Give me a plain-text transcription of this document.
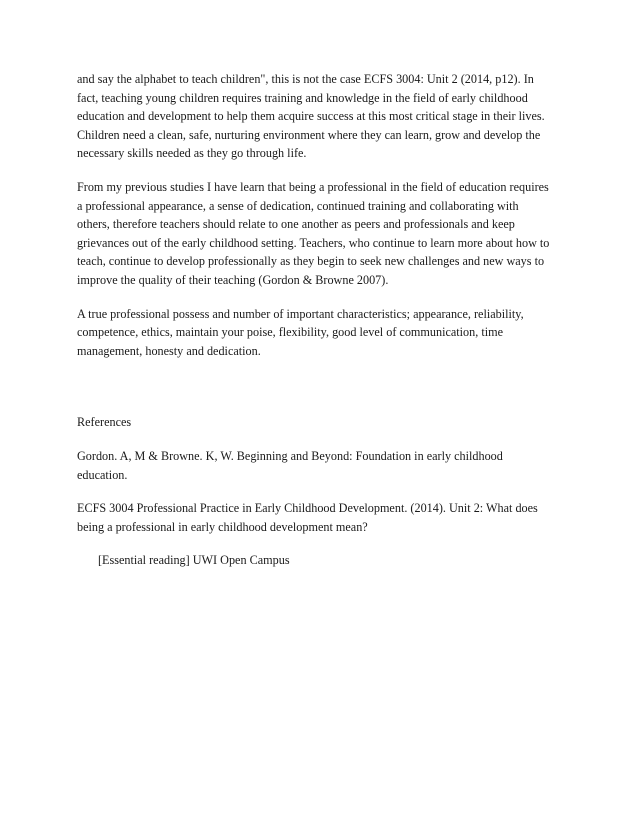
and say the alphabet to teach children", this is not the case ECFS 3004: Unit 2 (2014, p12). In
fact, teaching young children requires training and knowledge in the field of early childhood
education and development to help them acquire success at this most critical stage in their lives.
Children need a clean, safe, nurturing environment where they can learn, grow and develop the
necessary skills needed as they go through life.

From my previous studies I have learn that being a professional in the field of education requires
a professional appearance, a sense of dedication, continued training and collaborating with
others, therefore teachers should relate to one another as peers and professionals and keep
grievances out of the early childhood setting. Teachers, who continue to learn more about how to
teach, continue to develop professionally as they begin to seek new challenges and new ways to
improve the quality of their teaching (Gordon & Browne 2007).

A true professional possess and number of important characteristics; appearance, reliability,
competence, ethics, maintain your poise, flexibility, good level of communication, time
management, honesty and dedication.

References

Gordon. A, M & Browne. K, W. Beginning and Beyond: Foundation in early childhood
education.

ECFS 3004 Professional Practice in Early Childhood Development. (2014). Unit 2: What does
being a professional in early childhood development mean?

[Essential reading] UWI Open Campus
